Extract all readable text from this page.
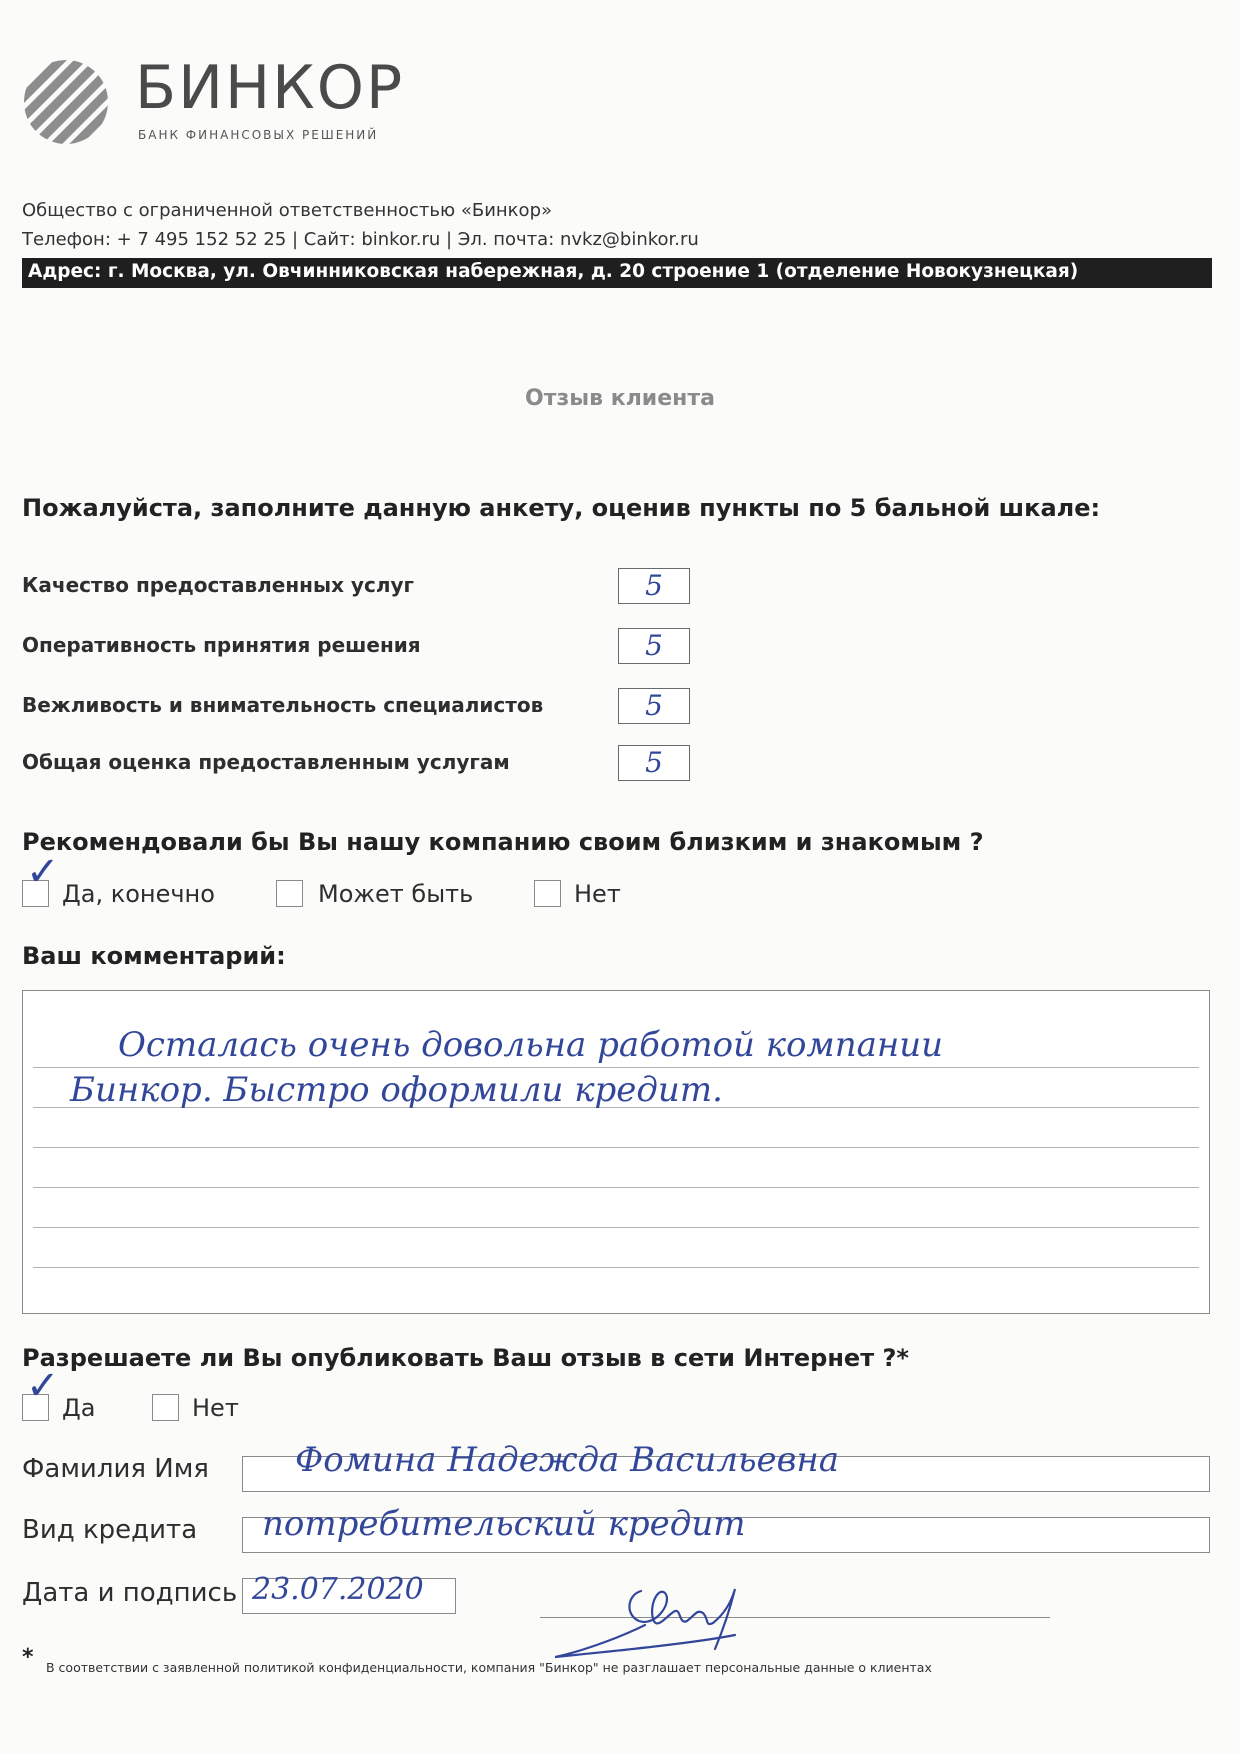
БИНКОР
БАНК ФИНАНСОВЫХ РЕШЕНИЙ
Общество с ограниченной ответственностью «Бинкор»
Телефон: + 7 495 152 52 25 | Сайт: binkor.ru | Эл. почта: nvkz@binkor.ru
Адрес: г. Москва, ул. Овчинниковская набережная, д. 20 строение 1 (отделение Новокузнецкая)
Отзыв клиента
Пожалуйста, заполните данную анкету, оценив пункты по 5 бальной шкале:
Качество предоставленных услуг	5
Оперативность принятия решения	5
Вежливость и внимательность специалистов	5
Общая оценка предоставленным услугам	5
Рекомендовали бы Вы нашу компанию своим близким и знакомым ?
✓ Да, конечно	Может быть	Нет
Ваш комментарий:
Осталась очень довольна работой компании
Бинкор. Быстро оформили кредит.
Разрешаете ли Вы опубликовать Ваш отзыв в сети Интернет ?*
✓ Да	Нет
Фамилия Имя	Фомина Надежда Васильевна
Вид кредита потребительский кредит
Дата и подпись 23.07.2020
* В соответствии с заявленной политикой конфиденциальности, компания "Бинкор" не разглашает персональные данные о клиентах
